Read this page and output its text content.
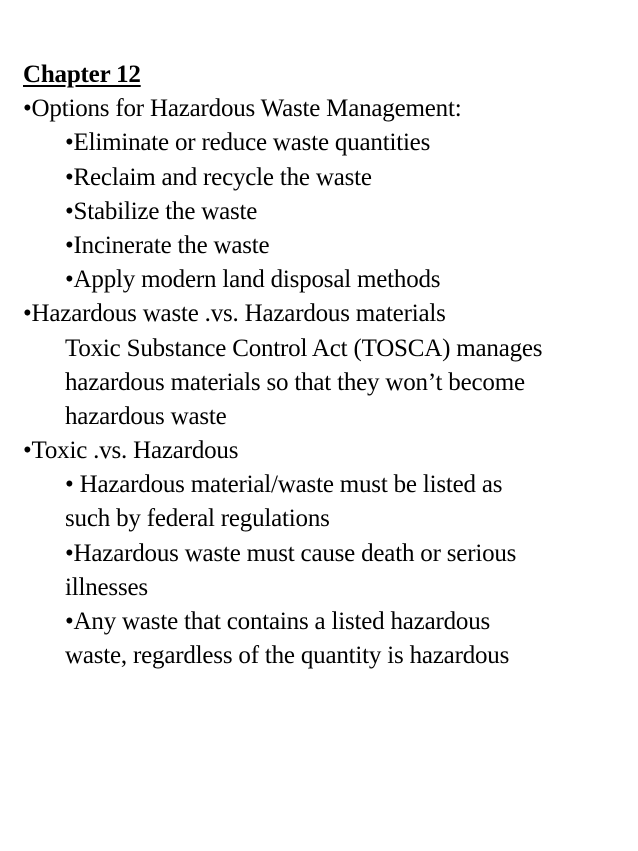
Chapter 12
•Options for Hazardous Waste Management:
•Eliminate or reduce waste quantities
•Reclaim and recycle the waste
•Stabilize the waste
•Incinerate the waste
•Apply modern land disposal methods
•Hazardous waste .vs. Hazardous materials
Toxic Substance Control Act (TOSCA) manages
hazardous materials so that they won’t become
hazardous waste
•Toxic .vs. Hazardous
• Hazardous material/waste must be listed as
such by federal regulations
•Hazardous waste must cause death or serious
illnesses
•Any waste that contains a listed hazardous
waste, regardless of the quantity is hazardous
